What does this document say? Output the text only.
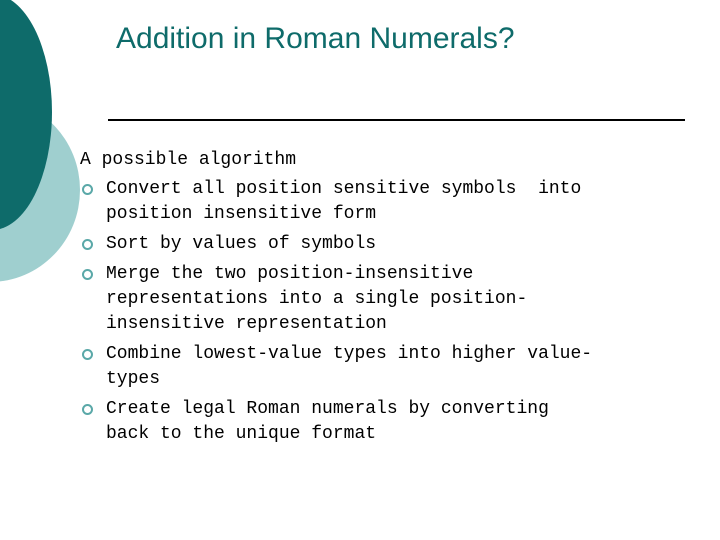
Addition in Roman Numerals?
A possible algorithm
Convert all position sensitive symbols  into
position insensitive form
Sort by values of symbols
Merge the two position-insensitive
representations into a single position-
insensitive representation
Combine lowest-value types into higher value-
types
Create legal Roman numerals by converting
back to the unique format
